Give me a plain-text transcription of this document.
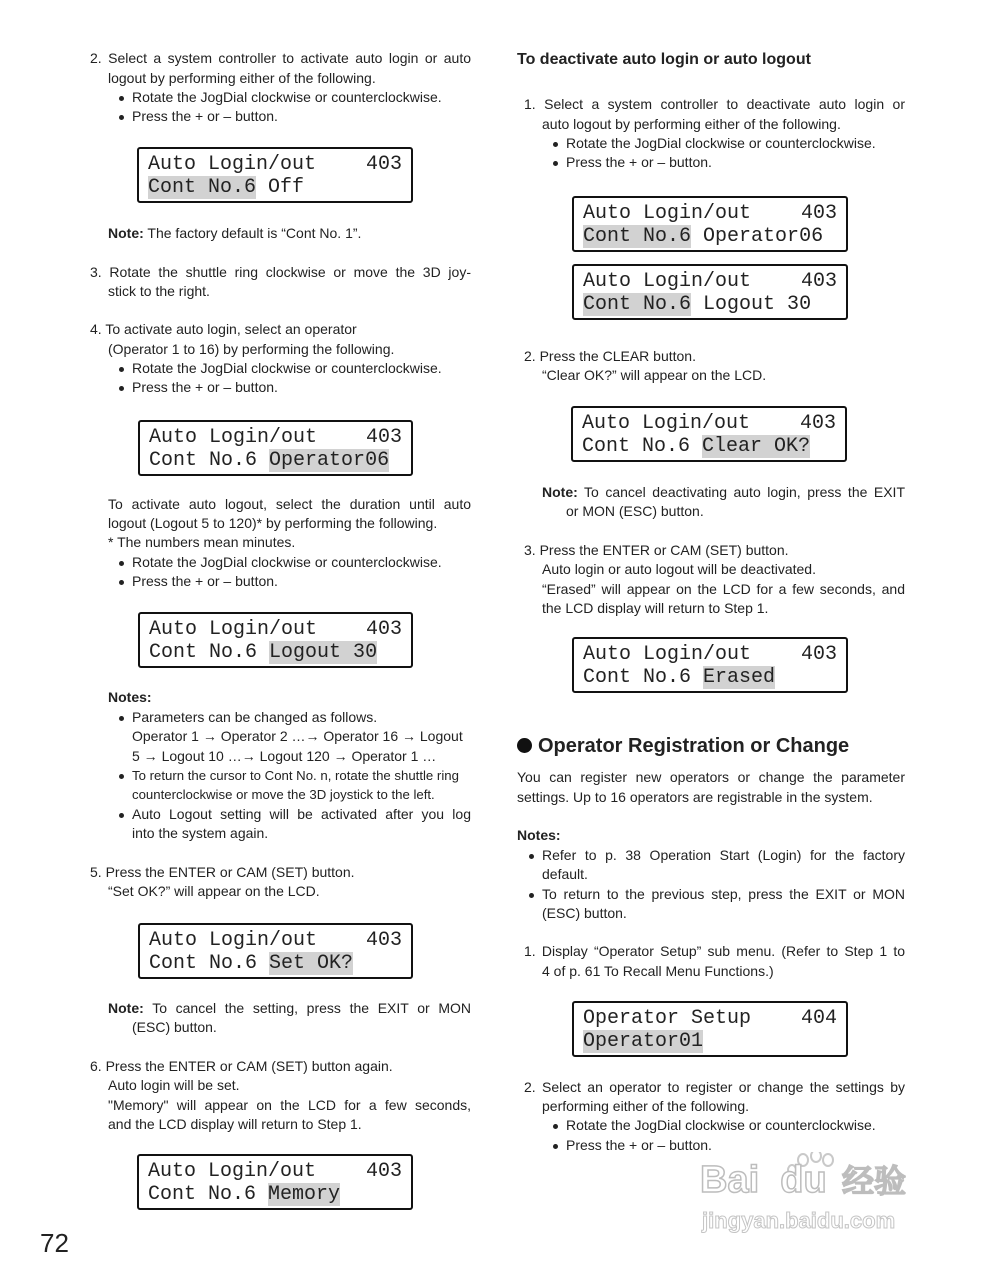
2. Select a system controller to activate auto login or auto
logout by performing either of the following.
Rotate the JogDial clockwise or counterclockwise.
Press the + or – button.
Auto Login/out 403
Cont No.6
Off
Note: The factory default is “Cont No. 1”.
3. Rotate the shuttle ring clockwise or move the 3D joy-
stick to the right.
4. To activate auto login, select an operator
(Operator 1 to 16) by performing the following.
Rotate the JogDial clockwise or counterclockwise.
Press the + or – button.
Auto Login/out 403
Cont No.6
Operator06
To activate auto logout, select the duration until auto
logout (Logout 5 to 120)* by performing the following.
* The numbers mean minutes.
Rotate the JogDial clockwise or counterclockwise.
Press the + or – button.
Auto Login/out 403
Cont No.6
Logout 30
Notes:
Parameters can be changed as follows.
Operator 1 → Operator 2 …→ Operator 16 → Logout
5 → Logout 10 …→ Logout 120 → Operator 1 …
To return the cursor to Cont No. n, rotate the shuttle ring
counterclockwise or move the 3D joystick to the left.
Auto Logout setting will be activated after you log
into the system again.
5. Press the ENTER or CAM (SET) button.
“Set OK?” will appear on the LCD.
Auto Login/out 403
Cont No.6
Set OK?
Note: To cancel the setting, press the EXIT or MON
(ESC) button.
6. Press the ENTER or CAM (SET) button again.
Auto login will be set.
"Memory" will appear on the LCD for a few seconds,
and the LCD display will return to Step 1.
Auto Login/out 403
Cont No.6
Memory
72
To deactivate auto login or auto logout
1. Select a system controller to deactivate auto login or
auto logout by performing either of the following.
Rotate the JogDial clockwise or counterclockwise.
Press the + or – button.
Auto Login/out 403
Cont No.6
Operator06
Auto Login/out 403
Cont No.6
Logout 30
2. Press the CLEAR button.
“Clear OK?” will appear on the LCD.
Auto Login/out 403
Cont No.6
Clear OK?
Note: To cancel deactivating auto login, press the EXIT
or MON (ESC) button.
3. Press the ENTER or CAM (SET) button.
Auto login or auto logout will be deactivated.
“Erased” will appear on the LCD for a few seconds, and
the LCD display will return to Step 1.
Auto Login/out 403
Cont No.6
Erased
Operator Registration or Change
You can register new operators or change the parameter
settings. Up to 16 operators are registrable in the system.
Notes:
Refer to p. 38 Operation Start (Login) for the factory
default.
To return to the previous step, press the EXIT or MON
(ESC) button.
1. Display “Operator Setup” sub menu. (Refer to Step 1 to
4 of p. 61 To Recall Menu Functions.)
Operator Setup 404
Operator01
2. Select an operator to register or change the settings by
performing either of the following.
Rotate the JogDial clockwise or counterclockwise.
Press the + or – button.
Bai  du 经验
jingyan.baidu.com
